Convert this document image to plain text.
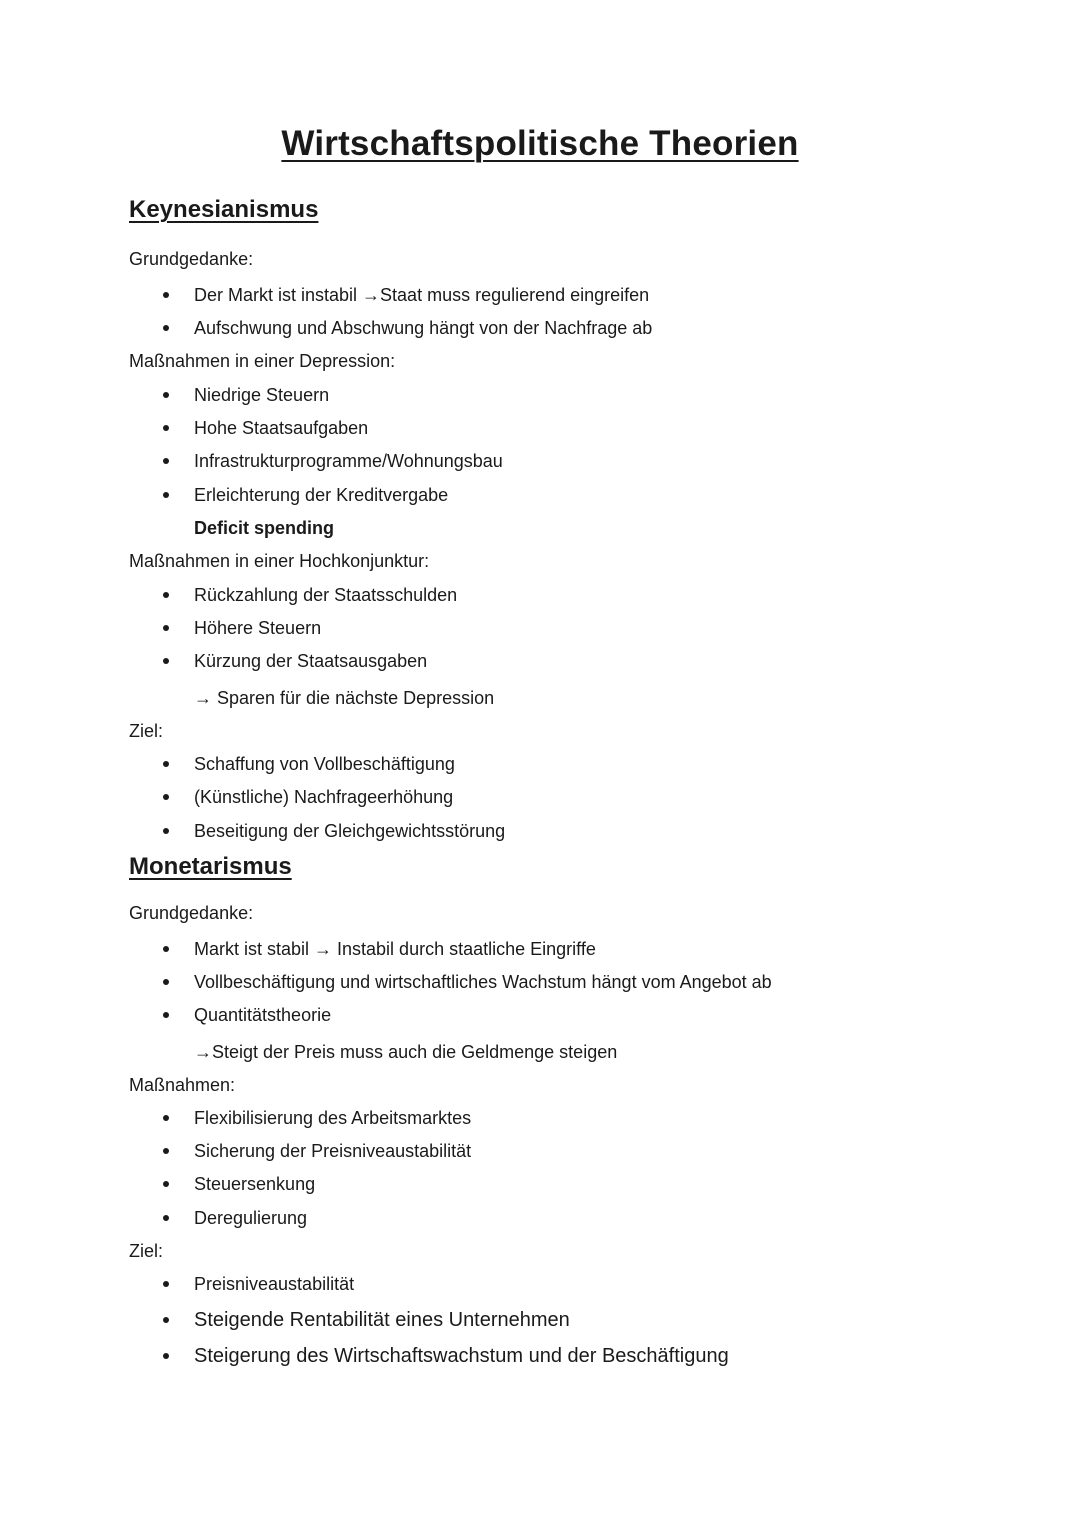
Wirtschaftspolitische Theorien
Keynesianismus

Grundgedanke:

Der Markt ist instabil →Staat muss regulierend eingreifen
Aufschwung und Abschwung hängt von der Nachfrage ab

Maßnahmen in einer Depression:

Niedrige Steuern
Hohe Staatsaufgaben
Infrastrukturprogramme/Wohnungsbau
Erleichterung der Kreditvergabe

Deficit spending

Maßnahmen in einer Hochkonjunktur:

Rückzahlung der Staatsschulden
Höhere Steuern
Kürzung der Staatsausgaben

→ Sparen für die nächste Depression

Ziel:

Schaffung von Vollbeschäftigung
(Künstliche) Nachfrageerhöhung
Beseitigung der Gleichgewichtsstörung
Monetarismus

Grundgedanke:

Markt ist stabil → Instabil durch staatliche Eingriffe
Vollbeschäftigung und wirtschaftliches Wachstum hängt vom Angebot ab
Quantitätstheorie

→Steigt der Preis muss auch die Geldmenge steigen

Maßnahmen:

Flexibilisierung des Arbeitsmarktes
Sicherung der Preisniveaustabilität
Steuersenkung
Deregulierung

Ziel:

Preisniveaustabilität
Steigende Rentabilität eines Unternehmen
Steigerung des Wirtschaftswachstum und der Beschäftigung
